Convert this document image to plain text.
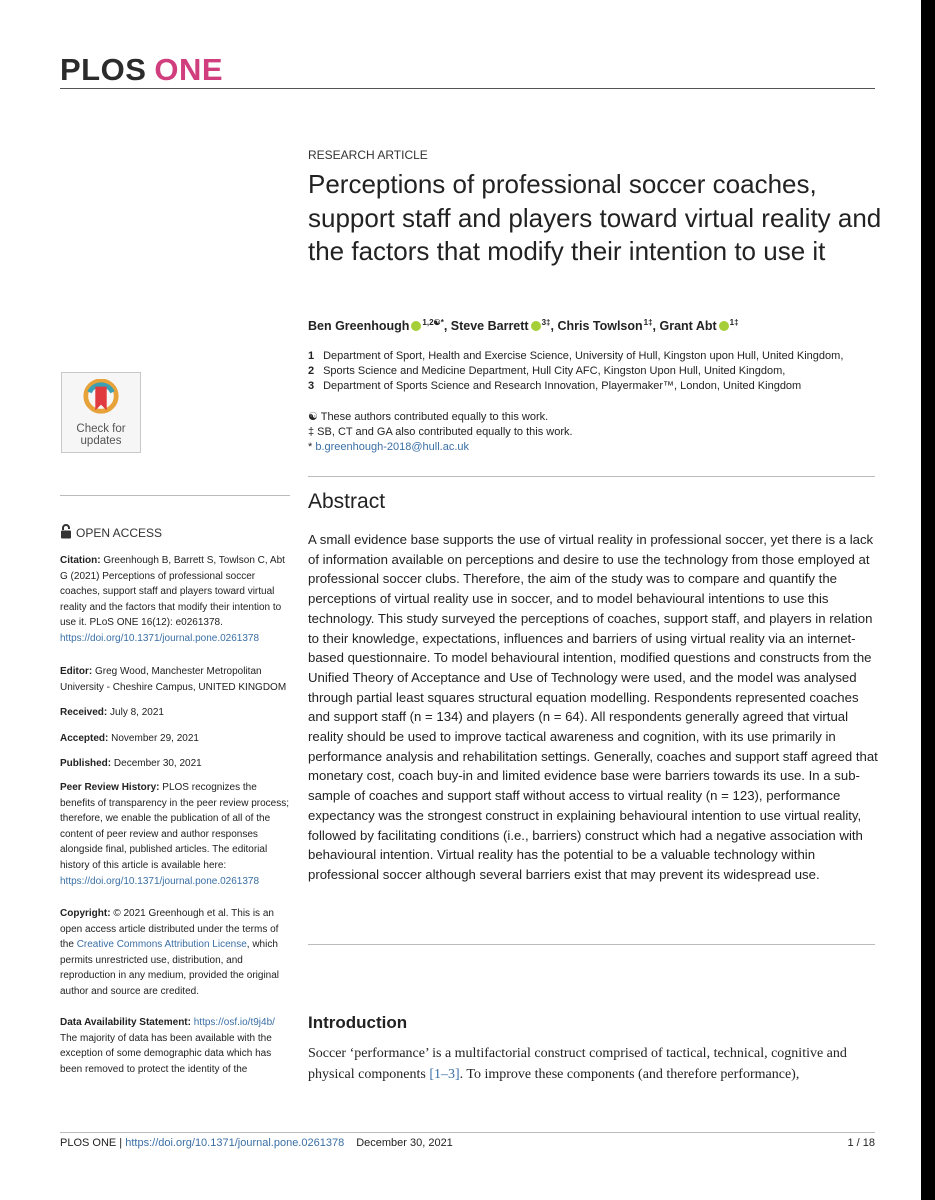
PLOS ONE
RESEARCH ARTICLE
Perceptions of professional soccer coaches, support staff and players toward virtual reality and the factors that modify their intention to use it
Ben Greenhough $^{1,2☯*}$, Steve Barrett $^{3\ddagger}$, Chris Towlson$^{1\ddagger}$, Grant Abt $^{1\ddagger}$
1 Department of Sport, Health and Exercise Science, University of Hull, Kingston upon Hull, United Kingdom,
2 Sports Science and Medicine Department, Hull City AFC, Kingston Upon Hull, United Kingdom,
3 Department of Sports Science and Research Innovation, Playermaker™, London, United Kingdom
☯ These authors contributed equally to this work.
‡ SB, CT and GA also contributed equally to this work.
* b.greenhough-2018@hull.ac.uk
Check for
updates
OPEN ACCESS

Citation: Greenhough B, Barrett S, Towlson C, Abt G (2021) Perceptions of professional soccer coaches, support staff and players toward virtual reality and the factors that modify their intention to use it. PLoS ONE 16(12): e0261378. https://doi.org/10.1371/journal.pone.0261378

Editor: Greg Wood, Manchester Metropolitan University - Cheshire Campus, UNITED KINGDOM

Received: July 8, 2021

Accepted: November 29, 2021

Published: December 30, 2021

Peer Review History: PLOS recognizes the benefits of transparency in the peer review process; therefore, we enable the publication of all of the content of peer review and author responses alongside final, published articles. The editorial history of this article is available here: https://doi.org/10.1371/journal.pone.0261378

Copyright: © 2021 Greenhough et al. This is an open access article distributed under the terms of the Creative Commons Attribution License, which permits unrestricted use, distribution, and reproduction in any medium, provided the original author and source are credited.

Data Availability Statement: https://osf.io/t9j4b/ The majority of data has been available with the exception of some demographic data which has been removed to protect the identity of the

Abstract

A small evidence base supports the use of virtual reality in professional soccer, yet there is a lack of information available on perceptions and desire to use the technology from those employed at professional soccer clubs. Therefore, the aim of the study was to compare and quantify the perceptions of virtual reality use in soccer, and to model behavioural intentions to use this technology. This study surveyed the perceptions of coaches, support staff, and players in relation to their knowledge, expectations, influences and barriers of using virtual reality via an internet-based questionnaire. To model behavioural intention, modified questions and constructs from the Unified Theory of Acceptance and Use of Technology were used, and the model was analysed through partial least squares structural equation modelling. Respondents represented coaches and support staff (n = 134) and players (n = 64). All respondents generally agreed that virtual reality should be used to improve tactical awareness and cognition, with its use primarily in performance analysis and rehabilitation settings. Generally, coaches and support staff agreed that monetary cost, coach buy-in and limited evidence base were barriers towards its use. In a sub-sample of coaches and support staff without access to virtual reality (n = 123), performance expectancy was the strongest construct in explaining behavioural intention to use virtual reality, followed by facilitating conditions (i.e., barriers) construct which had a negative association with behavioural intention. Virtual reality has the potential to be a valuable technology within professional soccer although several barriers exist that may prevent its widespread use.

Introduction

Soccer ‘performance’ is a multifactorial construct comprised of tactical, technical, cognitive and physical components [1–3]. To improve these components (and therefore performance),

PLOS ONE | https://doi.org/10.1371/journal.pone.0261378 December 30, 2021	1 / 18
